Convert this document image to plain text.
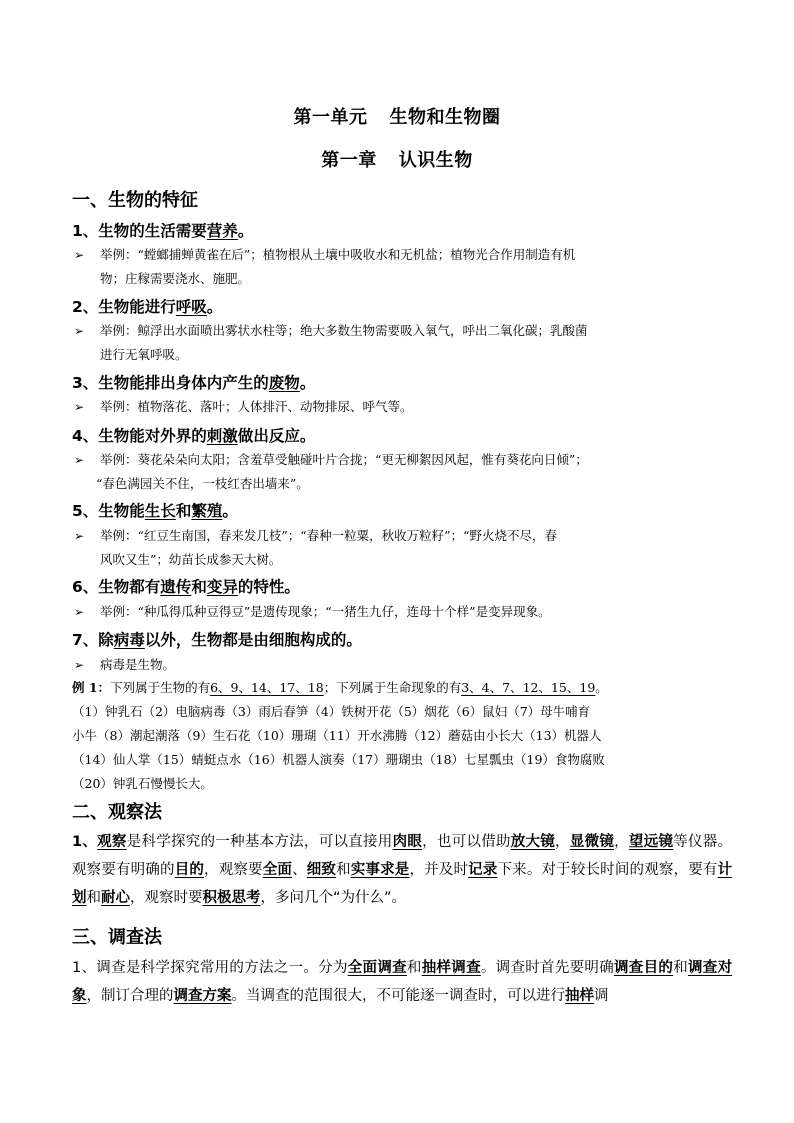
第一单元 生物和生物圈
第一章 认识生物
一、生物的特征
1、生物的生活需要营养。
➢	举例：“螳螂捕蝉黄雀在后”；植物根从土壤中吸收水和无机盐；植物光合作用制造有机
物；庄稼需要浇水、施肥。
2、生物能进行呼吸。
➢	举例：鲸浮出水面喷出雾状水柱等；绝大多数生物需要吸入氧气，呼出二氧化碳；乳酸菌
进行无氧呼吸。
3、生物能排出身体内产生的废物。
➢	举例：植物落花、落叶；人体排汗、动物排尿、呼气等。
4、生物能对外界的刺激做出反应。
➢	举例：葵花朵朵向太阳；含羞草受触碰叶片合拢；“更无柳絮因风起，惟有葵花向日倾”；
“春色满园关不住，一枝红杏出墙来”。
5、生物能生长和繁殖。
➢	举例：“红豆生南国，春来发几枝”；“春种一粒粟，秋收万粒籽”；“野火烧不尽，春
风吹又生”；幼苗长成参天大树。
6、生物都有遗传和变异的特性。
➢	举例：“种瓜得瓜种豆得豆”是遗传现象；“一猪生九仔，连母十个样”是变异现象。
7、除病毒以外，生物都是由细胞构成的。
➢	病毒是生物。
例 1：下列属于生物的有6、9、14、17、18；下列属于生命现象的有3、4、7、12、15、19。
（1）钟乳石（2）电脑病毒（3）雨后春笋（4）铁树开花（5）烟花（6）鼠妇（7）母牛哺育
小牛（8）潮起潮落（9）生石花（10）珊瑚（11）开水沸腾（12）蘑菇由小长大（13）机器人
（14）仙人掌（15）蜻蜓点水（16）机器人演奏（17）珊瑚虫（18）七星瓢虫（19）食物腐败
（20）钟乳石慢慢长大。
二、观察法
1、观察是科学探究的一种基本方法，可以直接用肉眼，也可以借助放大镜，显微镜，望远镜等仪器。观察要有明确的目的，观察要全面、细致和实事求是，并及时记录下来。对于较长时间的观察，要有计划和耐心，观察时要积极思考，多问几个“为什么”。
三、调查法
1、调查是科学探究常用的方法之一。分为全面调查和抽样调查。调查时首先要明确调查目的和调查对象，制订合理的调查方案。当调查的范围很大，不可能逐一调查时，可以进行抽样调
